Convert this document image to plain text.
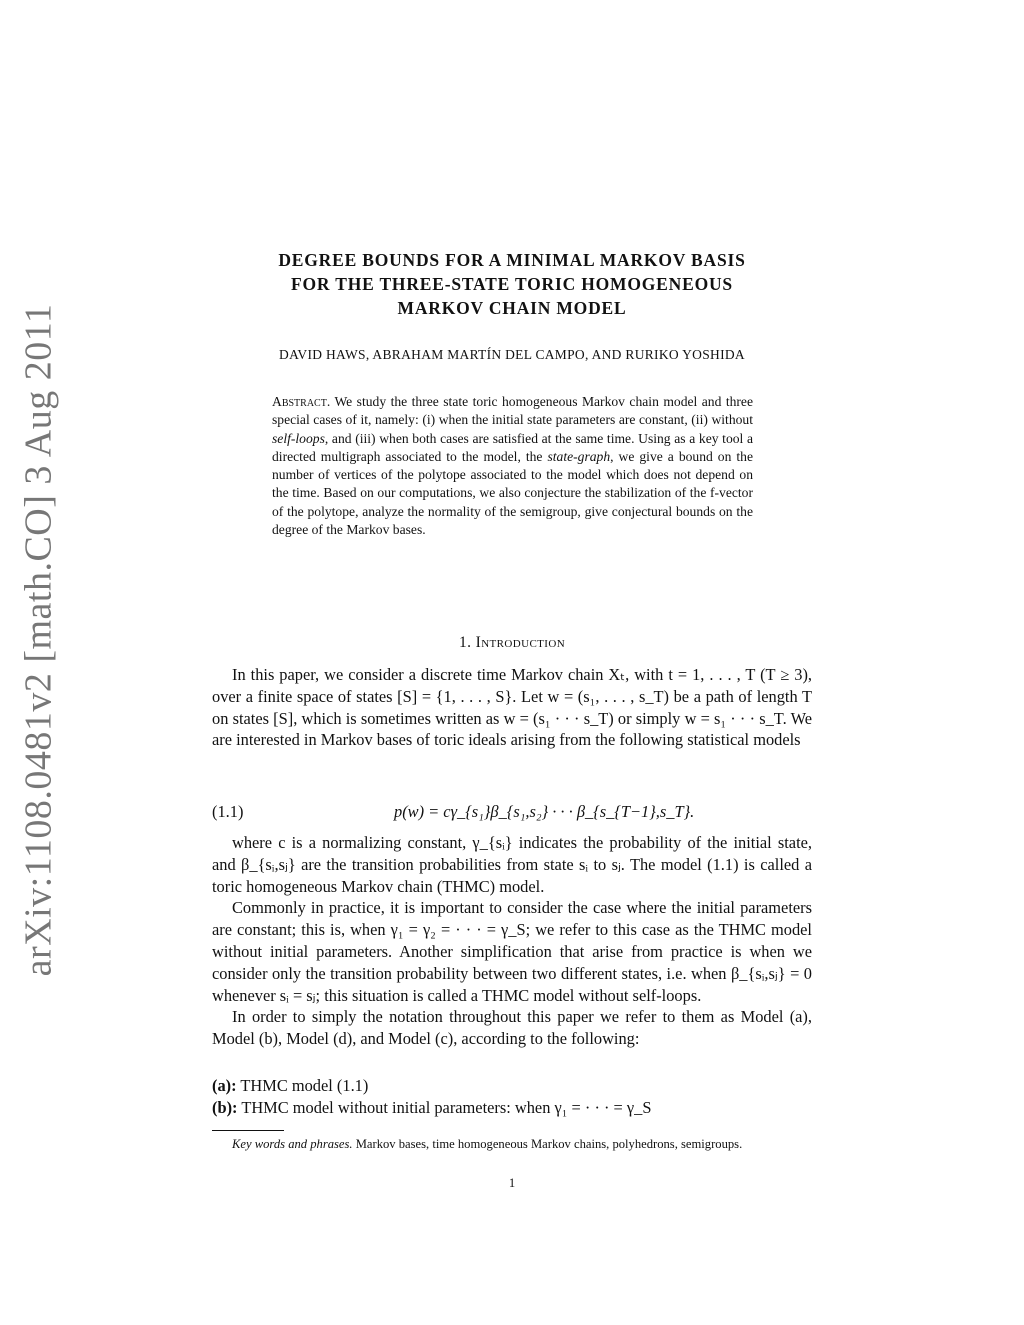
arXiv:1108.0481v2 [math.CO] 3 Aug 2011
DEGREE BOUNDS FOR A MINIMAL MARKOV BASIS
FOR THE THREE-STATE TORIC HOMOGENEOUS
MARKOV CHAIN MODEL
DAVID HAWS, ABRAHAM MARTÍN DEL CAMPO, AND RURIKO YOSHIDA
Abstract. We study the three state toric homogeneous Markov chain model and three special cases of it, namely: (i) when the initial state parameters are constant, (ii) without self-loops, and (iii) when both cases are satisfied at the same time. Using as a key tool a directed multigraph associated to the model, the state-graph, we give a bound on the number of vertices of the polytope associated to the model which does not depend on the time. Based on our computations, we also conjecture the stabilization of the f-vector of the polytope, analyze the normality of the semigroup, give conjectural bounds on the degree of the Markov bases.
1. Introduction

In this paper, we consider a discrete time Markov chain Xₜ, with t = 1, . . . , T (T ≥ 3), over a finite space of states [S] = {1, . . . , S}. Let w = (s₁, . . . , s_T) be a path of length T on states [S], which is sometimes written as w = (s₁ · · · s_T) or simply w = s₁ · · · s_T. We are interested in Markov bases of toric ideals arising from the following statistical models

(1.1)	p(w) = cγ_{s₁}β_{s₁,s₂} · · · β_{s_{T−1},s_T}.

where c is a normalizing constant, γ_{sᵢ} indicates the probability of the initial state, and β_{sᵢ,sⱼ} are the transition probabilities from state sᵢ to sⱼ. The model (1.1) is called a toric homogeneous Markov chain (THMC) model.

Commonly in practice, it is important to consider the case where the initial parameters are constant; this is, when γ₁ = γ₂ = · · · = γ_S; we refer to this case as the THMC model without initial parameters. Another simplification that arise from practice is when we consider only the transition probability between two different states, i.e. when β_{sᵢ,sⱼ} = 0 whenever sᵢ = sⱼ; this situation is called a THMC model without self-loops.

In order to simply the notation throughout this paper we refer to them as Model (a), Model (b), Model (d), and Model (c), according to the following:

(a): THMC model (1.1)
(b): THMC model without initial parameters: when γ₁ = · · · = γ_S
Key words and phrases. Markov bases, time homogeneous Markov chains, polyhedrons, semigroups.
1
